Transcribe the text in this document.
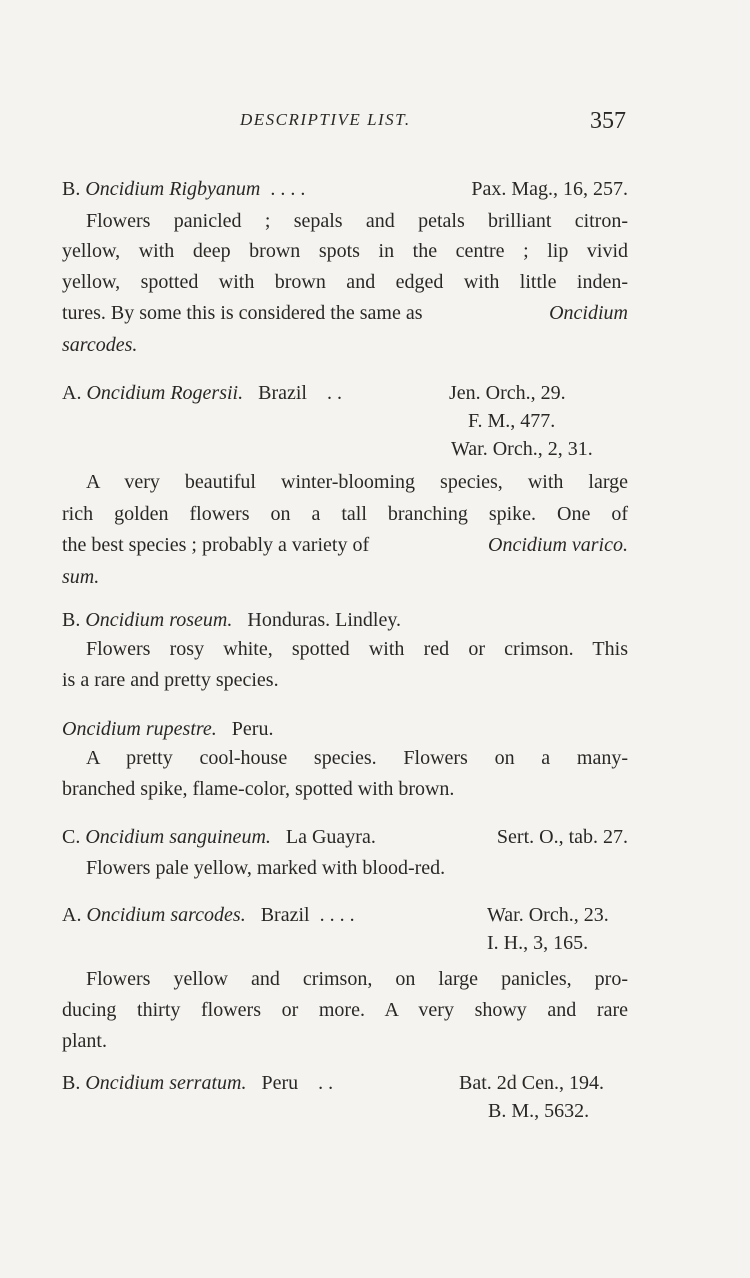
DESCRIPTIVE LIST.	357
B. Oncidium Rigbyanum . . . .	Pax. Mag., 16, 257.
Flowers panicled ; sepals and petals brilliant citron-
yellow, with deep brown spots in the centre ; lip vivid
yellow, spotted with brown and edged with little inden-
tures. By some this is considered the same as	Oncidium
sarcodes.
A. Oncidium Rogersii. Brazil . .	Jen. Orch., 29.
F. M., 477.
War. Orch., 2, 31.
A very beautiful winter-blooming species, with large
rich golden flowers on a tall branching spike. One of
the best species ; probably a variety of	Oncidium varico.
sum.
B. Oncidium roseum. Honduras. Lindley.
Flowers rosy white, spotted with red or crimson. This
is a rare and pretty species.
Oncidium rupestre. Peru.
A pretty cool-house species. Flowers on a many-
branched spike, flame-color, spotted with brown.
C. Oncidium sanguineum. La Guayra.	Sert. O., tab. 27.
Flowers pale yellow, marked with blood-red.
A. Oncidium sarcodes. Brazil . . . .	War. Orch., 23.
I. H., 3, 165.
Flowers yellow and crimson, on large panicles, pro-
ducing thirty flowers or more. A very showy and rare
plant.
B. Oncidium serratum. Peru . .	Bat. 2d Cen., 194.
B. M., 5632.
